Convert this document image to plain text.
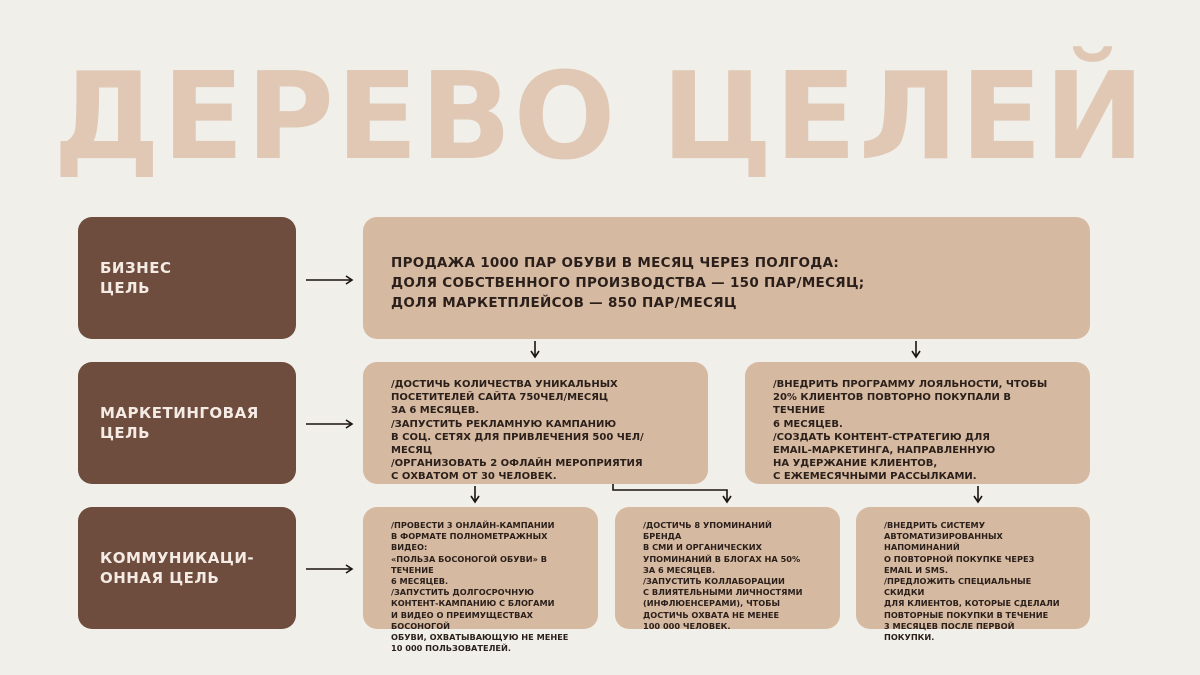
ДЕРЕВО ЦЕЛЕЙ
БИЗНЕС
ЦЕЛЬ
ПРОДАЖА 1000 ПАР ОБУВИ В МЕСЯЦ ЧЕРЕЗ ПОЛГОДА:
ДОЛЯ СОБСТВЕННОГО ПРОИЗВОДСТВА — 150 ПАР/МЕСЯЦ;
ДОЛЯ МАРКЕТПЛЕЙСОВ — 850 ПАР/МЕСЯЦ
МАРКЕТИНГОВАЯ
ЦЕЛЬ
/ДОСТИЧЬ КОЛИЧЕСТВА УНИКАЛЬНЫХ
ПОСЕТИТЕЛЕЙ САЙТА 750ЧЕЛ/МЕСЯЦ
ЗА 6 МЕСЯЦЕВ.
/ЗАПУСТИТЬ РЕКЛАМНУЮ КАМПАНИЮ
В СОЦ. СЕТЯХ ДЛЯ ПРИВЛЕЧЕНИЯ 500 ЧЕЛ/МЕСЯЦ
/ОРГАНИЗОВАТЬ 2 ОФЛАЙН МЕРОПРИЯТИЯ
С ОХВАТОМ ОТ 30 ЧЕЛОВЕК.
/ВНЕДРИТЬ ПРОГРАММУ ЛОЯЛЬНОСТИ, ЧТОБЫ
20% КЛИЕНТОВ ПОВТОРНО ПОКУПАЛИ В ТЕЧЕНИЕ
6 МЕСЯЦЕВ.
/СОЗДАТЬ КОНТЕНТ-СТРАТЕГИЮ ДЛЯ
EMAIL-МАРКЕТИНГА, НАПРАВЛЕННУЮ
НА УДЕРЖАНИЕ КЛИЕНТОВ,
С ЕЖЕМЕСЯЧНЫМИ РАССЫЛКАМИ.
КОММУНИКАЦИ-
ОННАЯ ЦЕЛЬ
/ПРОВЕСТИ 3 ОНЛАЙН-КАМПАНИИ
В ФОРМАТЕ ПОЛНОМЕТРАЖНЫХ ВИДЕО:
«ПОЛЬЗА БОСОНОГОЙ ОБУВИ» В ТЕЧЕНИЕ
6 МЕСЯЦЕВ.
/ЗАПУСТИТЬ ДОЛГОСРОЧНУЮ
КОНТЕНТ-КАМПАНИЮ С БЛОГАМИ
И ВИДЕО О ПРЕИМУЩЕСТВАХ БОСОНОГОЙ
ОБУВИ, ОХВАТЫВАЮЩУЮ НЕ МЕНЕЕ
10 000 ПОЛЬЗОВАТЕЛЕЙ.
/ДОСТИЧЬ 8 УПОМИНАНИЙ БРЕНДА
В СМИ И ОРГАНИЧЕСКИХ
УПОМИНАНИЙ В БЛОГАХ НА 50%
ЗА 6 МЕСЯЦЕВ.
/ЗАПУСТИТЬ КОЛЛАБОРАЦИИ
С ВЛИЯТЕЛЬНЫМИ ЛИЧНОСТЯМИ
(ИНФЛЮЕНСЕРАМИ), ЧТОБЫ
ДОСТИЧЬ ОХВАТА НЕ МЕНЕЕ
100 000 ЧЕЛОВЕК.
/ВНЕДРИТЬ СИСТЕМУ
АВТОМАТИЗИРОВАННЫХ НАПОМИНАНИЙ
О ПОВТОРНОЙ ПОКУПКЕ ЧЕРЕЗ
EMAIL И SMS.
/ПРЕДЛОЖИТЬ СПЕЦИАЛЬНЫЕ СКИДКИ
ДЛЯ КЛИЕНТОВ, КОТОРЫЕ СДЕЛАЛИ
ПОВТОРНЫЕ ПОКУПКИ В ТЕЧЕНИЕ
3 МЕСЯЦЕВ ПОСЛЕ ПЕРВОЙ ПОКУПКИ.
